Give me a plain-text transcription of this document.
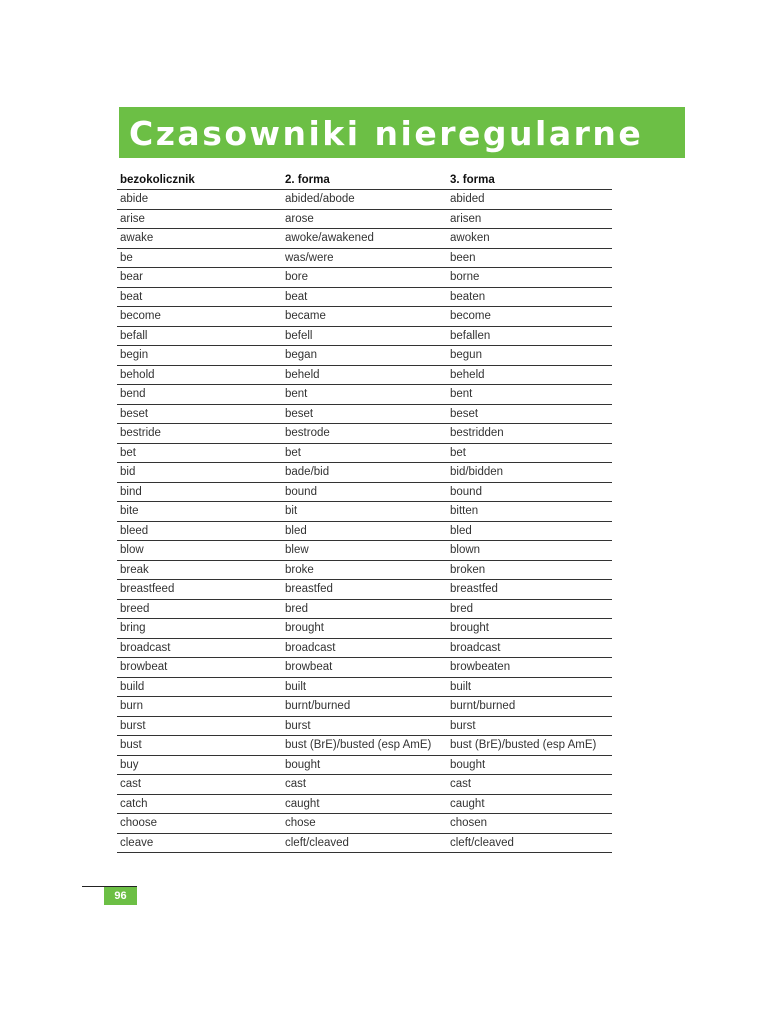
Czasowniki nieregularne
bezokolicznik	2. forma	3. forma
abide	abided/abode	abided
arise	arose	arisen
awake	awoke/awakened	awoken
be	was/were	been
bear	bore	borne
beat	beat	beaten
become	became	become
befall	befell	befallen
begin	began	begun
behold	beheld	beheld
bend	bent	bent
beset	beset	beset
bestride	bestrode	bestridden
bet	bet	bet
bid	bade/bid	bid/bidden
bind	bound	bound
bite	bit	bitten
bleed	bled	bled
blow	blew	blown
break	broke	broken
breastfeed	breastfed	breastfed
breed	bred	bred
bring	brought	brought
broadcast	broadcast	broadcast
browbeat	browbeat	browbeaten
build	built	built
burn	burnt/burned	burnt/burned
burst	burst	burst
bust	bust (BrE)/busted (esp AmE)	bust (BrE)/busted (esp AmE)
buy	bought	bought
cast	cast	cast
catch	caught	caught
choose	chose	chosen
cleave	cleft/cleaved	cleft/cleaved
96
